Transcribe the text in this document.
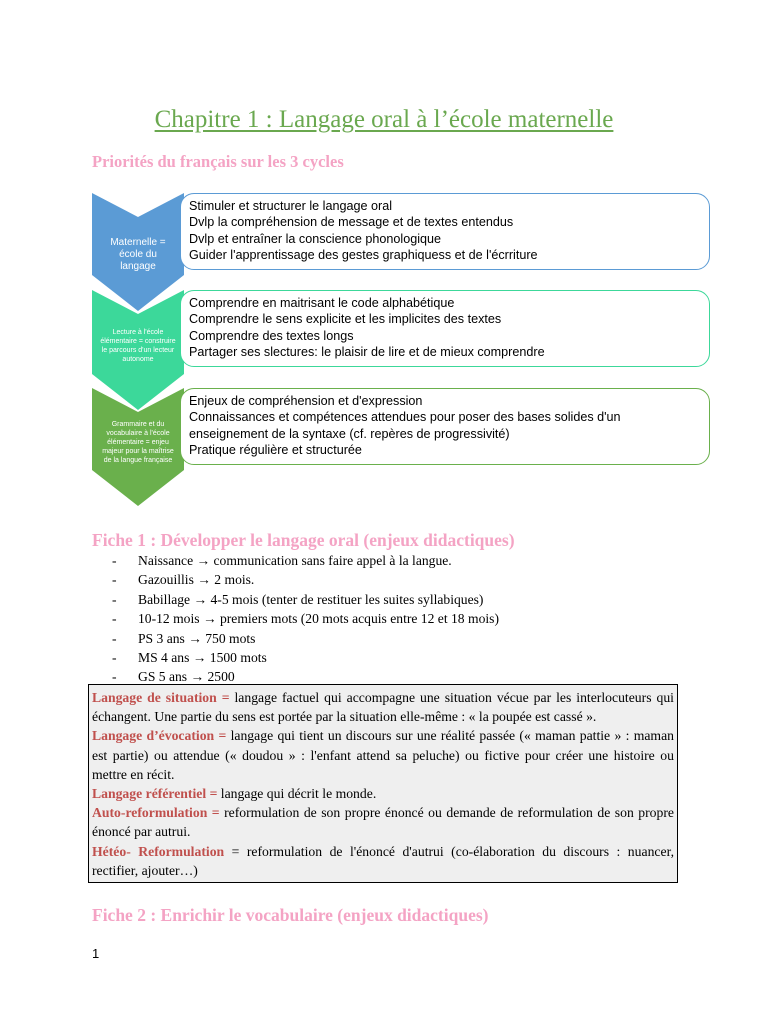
Chapitre 1 : Langage oral à l’école maternelle
Priorités du français sur les 3 cycles
Maternelle = école du langage
Stimuler et structurer le langage oral
Dvlp la compréhension de message et de textes entendus
Dvlp et entraîner la conscience phonologique
Guider l'apprentissage des gestes graphiquess et de l'écrriture
Lecture à l'école élémentaire = construire le parcours d'un lecteur autonome
Comprendre en maitrisant le code alphabétique
Comprendre le sens explicite et les implicites des textes
Comprendre des textes longs
Partager ses slectures: le plaisir de lire et de mieux comprendre
Grammaire et du vocabulaire à l'école élémentaire = enjeu majeur pour la maîtrise de la langue française
Enjeux de compréhension et d'expression
Connaissances et compétences attendues pour poser des bases solides d'un enseignement de la syntaxe (cf. repères de progressivité)
Pratique régulière et structurée
Fiche 1 : Développer le langage oral (enjeux didactiques)
- Naissance → communication sans faire appel à la langue.
- Gazouillis → 2 mois.
- Babillage → 4-5 mois (tenter de restituer les suites syllabiques)
- 10-12 mois → premiers mots (20 mots acquis entre 12 et 18 mois)
- PS 3 ans → 750 mots
- MS 4 ans → 1500 mots
- GS 5 ans → 2500

Langage de situation = langage factuel qui accompagne une situation vécue par les interlocuteurs qui échangent. Une partie du sens est portée par la situation elle-même : « la poupée est cassé ».

Langage d’évocation = langage qui tient un discours sur une réalité passée (« maman pattie » : maman est partie) ou attendue (« doudou » : l'enfant attend sa peluche) ou fictive pour créer une histoire ou mettre en récit.

Langage référentiel = langage qui décrit le monde.

Auto-reformulation = reformulation de son propre énoncé ou demande de reformulation de son propre énoncé par autrui.

Hétéo- Reformulation = reformulation de l'énoncé d'autrui (co-élaboration du discours : nuancer, rectifier, ajouter…)

Fiche 2 : Enrichir le vocabulaire (enjeux didactiques)
1
